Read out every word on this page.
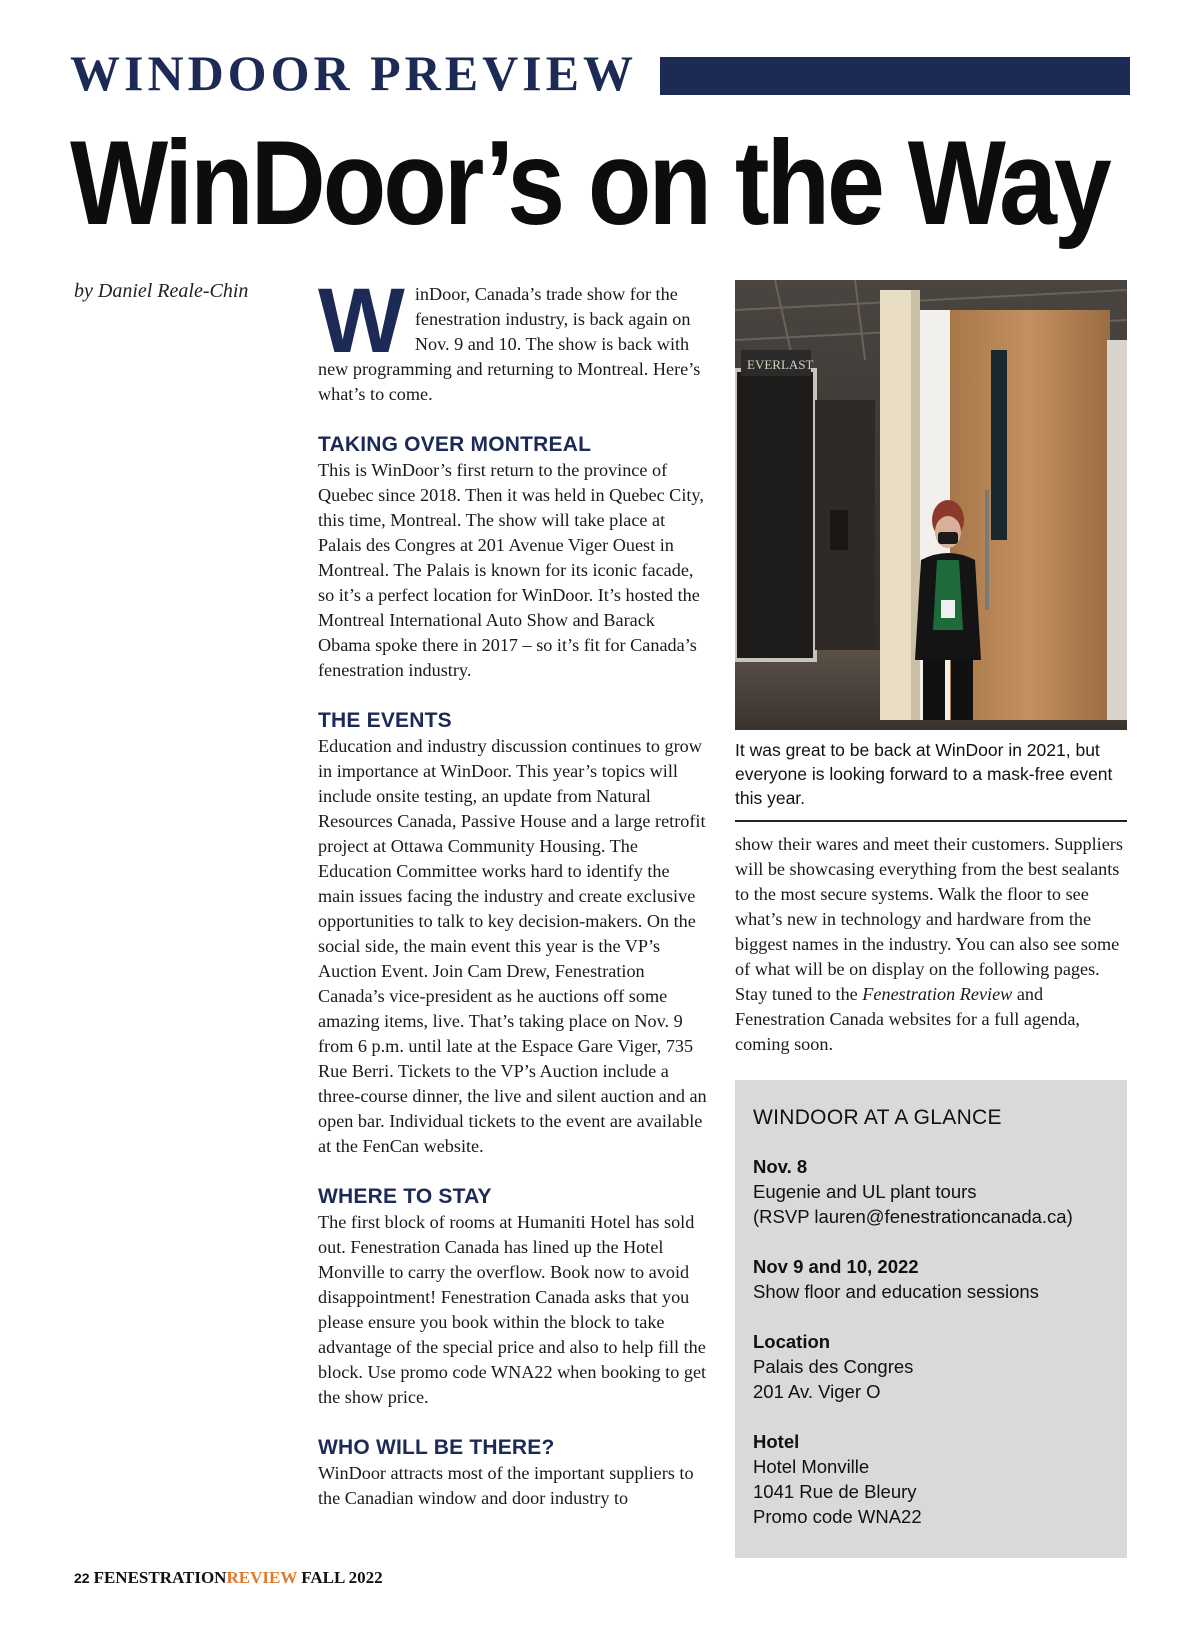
WINDOOR PREVIEW
WinDoor’s on the Way
by Daniel Reale-Chin WinDoor, Canada’s trade show for the fenestration industry, is back again on Nov. 9 and 10. The show is back with new programming and returning to Montreal. Here’s what’s to come.

TAKING OVER MONTREAL

This is WinDoor’s first return to the province of Quebec since 2018. Then it was held in Quebec City, this time, Montreal. The show will take place at Palais des Congres at 201 Avenue Viger Ouest in Montreal. The Palais is known for its iconic facade, so it’s a perfect location for WinDoor. It’s hosted the Montreal International Auto Show and Barack Obama spoke there in 2017 – so it’s fit for Canada’s fenestration industry.

THE EVENTS

Education and industry discussion continues to grow in importance at WinDoor. This year’s topics will include onsite testing, an update from Natural Resources Canada, Passive House and a large retrofit project at Ottawa Community Housing. The Education Committee works hard to identify the main issues facing the industry and create exclusive opportunities to talk to key decision-makers. On the social side, the main event this year is the VP’s Auction Event. Join Cam Drew, Fenestration Canada’s vice-president as he auctions off some amazing items, live. That’s taking place on Nov. 9 from 6 p.m. until late at the Espace Gare Viger, 735 Rue Berri. Tickets to the VP’s Auction include a three-course dinner, the live and silent auction and an open bar. Individual tickets to the event are available at the FenCan website.

WHERE TO STAY

The first block of rooms at Humaniti Hotel has sold out. Fenestration Canada has lined up the Hotel Monville to carry the overflow. Book now to avoid disappointment! Fenestration Canada asks that you please ensure you book within the block to take advantage of the special price and also to help fill the block. Use promo code WNA22 when booking to get the show price.

WHO WILL BE THERE?

WinDoor attracts most of the important suppliers to the Canadian window and door industry to

EVERLAST
It was great to be back at WinDoor in 2021, but everyone is looking forward to a mask-free event this year.

show their wares and meet their customers. Suppliers will be showcasing everything from the best sealants to the most secure systems. Walk the floor to see what’s new in technology and hardware from the biggest names in the industry. You can also see some of what will be on display on the following pages. Stay tuned to the Fenestration Review and Fenestration Canada websites for a full agenda, coming soon.

WINDOOR AT A GLANCE
Nov. 8
Eugenie and UL plant tours
(RSVP lauren@fenestrationcanada.ca)
Nov 9 and 10, 2022
Show floor and education sessions
Location
Palais des Congres
201 Av. Viger O
Hotel
Hotel Monville
1041 Rue de Bleury
Promo code WNA22
22 FENESTRATIONREVIEW FALL 2022
